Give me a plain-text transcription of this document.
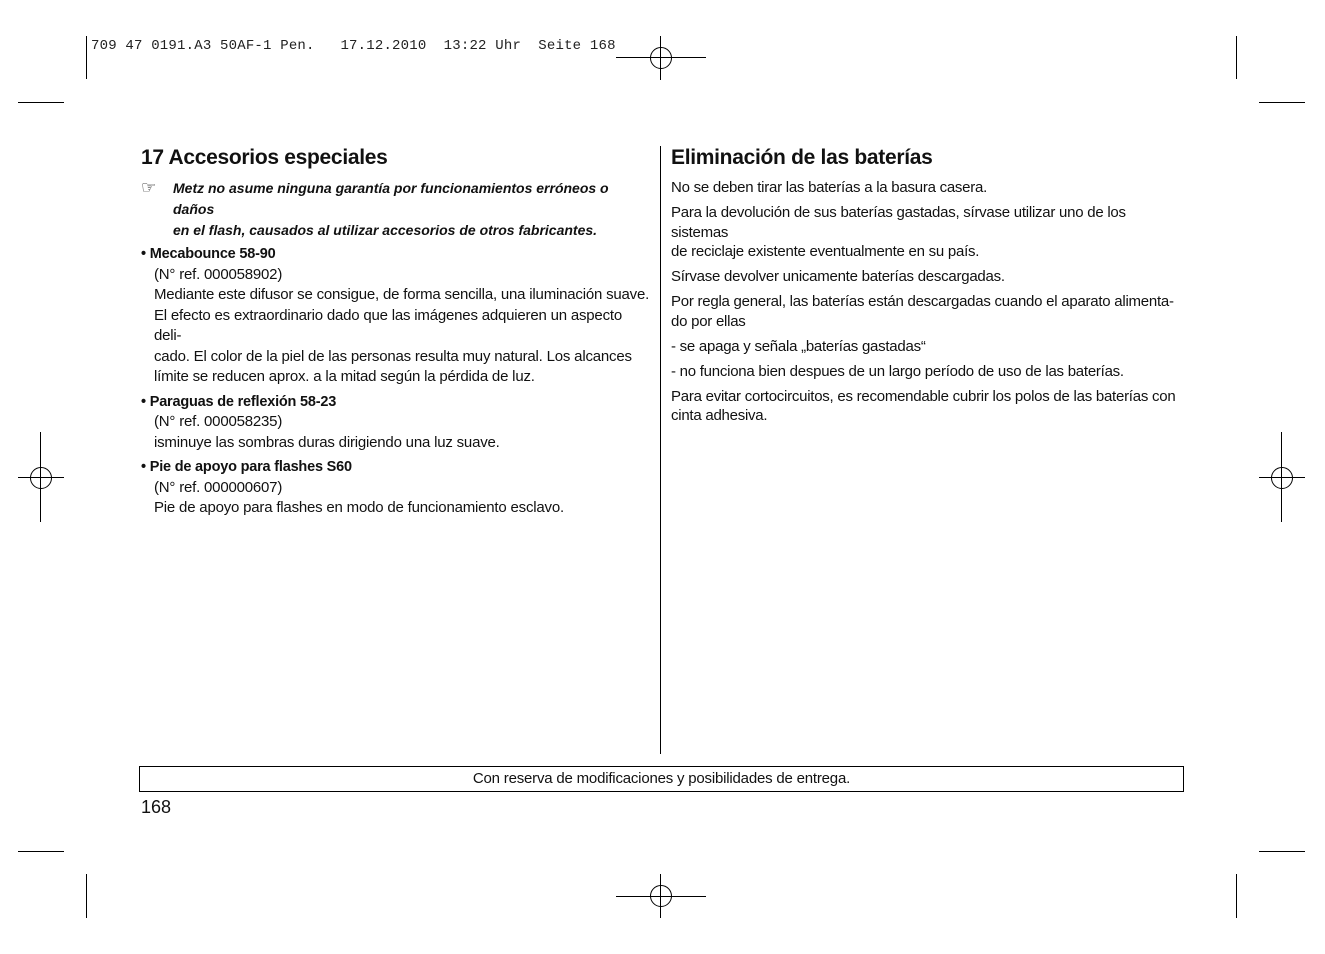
709 47 0191.A3 50AF-1 Pen.   17.12.2010  13:22 Uhr  Seite 168
17 Accesorios especiales
☞	Metz no asume ninguna garantía por funcionamientos erróneos o daños
en el flash, causados al utilizar accesorios de otros fabricantes.
• Mecabounce 58-90
(N° ref. 000058902)
Mediante este difusor se consigue, de forma sencilla, una iluminación suave.
El efecto es extraordinario dado que las imágenes adquieren un aspecto deli-
cado. El color de la piel de las personas resulta muy natural. Los alcances
límite se reducen aprox. a la mitad según la pérdida de luz.
• Paraguas de reflexión 58-23
(N° ref. 000058235)
isminuye las sombras duras dirigiendo una luz suave.
• Pie de apoyo para flashes S60
(N° ref. 000000607)
Pie de apoyo para flashes en modo de funcionamiento esclavo.
Eliminación de las baterías
No se deben tirar las baterías a la basura casera.
Para la devolución de sus baterías gastadas, sírvase utilizar uno de los sistemas
de reciclaje existente eventualmente en su país.
Sírvase devolver unicamente baterías descargadas.
Por regla general, las baterías están descargadas cuando el aparato alimenta-
do por ellas
- se apaga y señala „baterías gastadas“
- no funciona bien despues de un largo período de uso de las baterías.
Para evitar cortocircuitos, es recomendable cubrir los polos de las baterías con
cinta adhesiva.
Con reserva de modificaciones y posibilidades de entrega.
168
